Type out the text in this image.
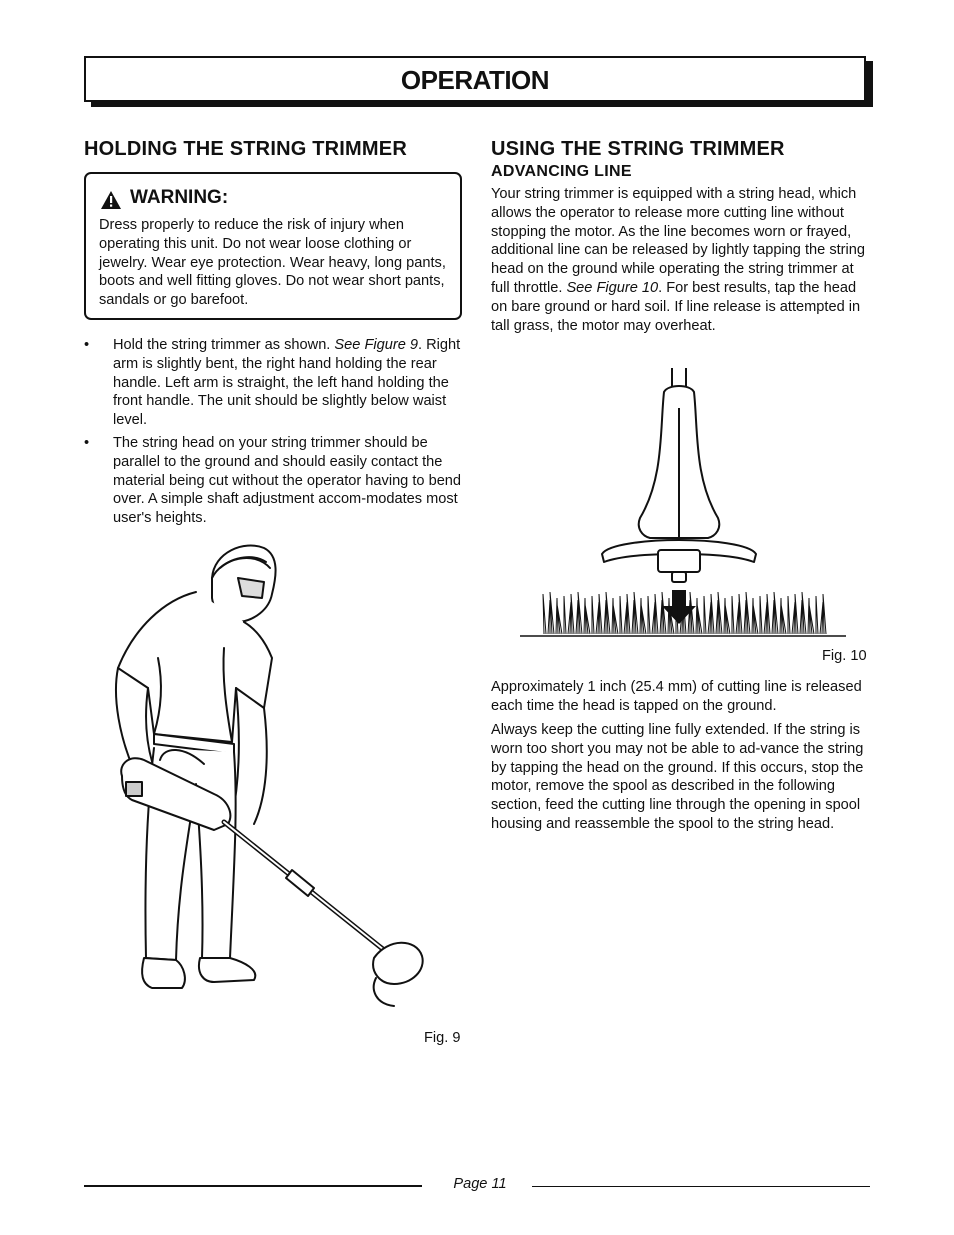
OPERATION
HOLDING THE STRING TRIMMER
WARNING:
Dress properly to reduce the risk of injury when operating this unit. Do not wear loose clothing or jewelry. Wear eye protection. Wear heavy, long pants, boots and well fitting gloves. Do not wear short pants, sandals or go barefoot.
• Hold the string trimmer as shown. See Figure 9. Right arm is slightly bent, the right hand holding the rear handle. Left arm is straight, the left hand holding the front handle. The unit should be slightly below waist level.
• The string head on your string trimmer should be parallel to the ground and should easily contact the material being cut without the operator having to bend over. A simple shaft adjustment accom-modates most user's heights.
Fig. 9
USING THE STRING TRIMMER
ADVANCING LINE
Your string trimmer is equipped with a string head, which allows the operator to release more cutting line without stopping the motor. As the line becomes worn or frayed, additional line can be released by lightly tapping the string head on the ground while operating the string trimmer at full throttle. See Figure 10. For best results, tap the head on bare ground or hard soil. If line release is attempted in tall grass, the motor may overheat.
Fig. 10
Approximately 1 inch (25.4 mm) of cutting line is released each time the head is tapped on the ground.
Always keep the cutting line fully extended. If the string is worn too short you may not be able to ad-vance the string by tapping the head on the ground. If this occurs, stop the motor, remove the spool as described in the following section, feed the cutting line through the opening in spool housing and reassemble the spool to the string head.
Page 11
